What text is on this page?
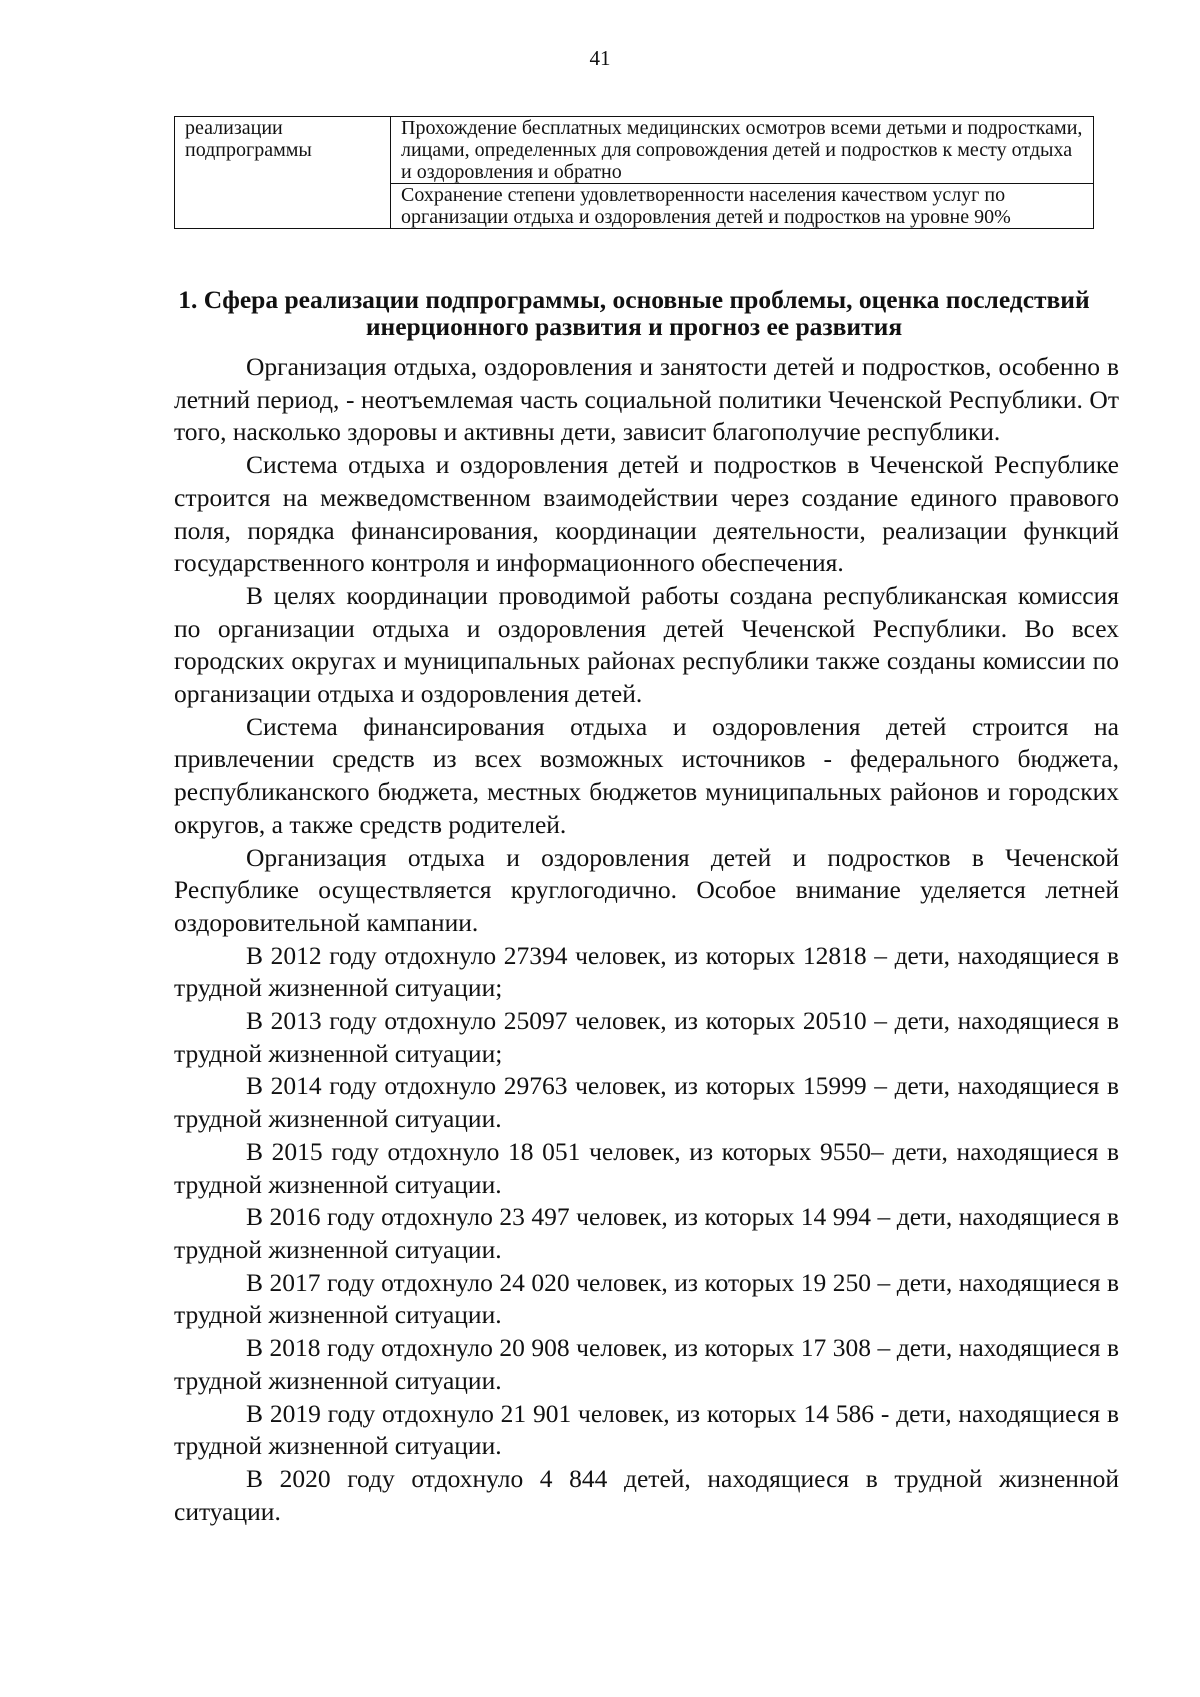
41
реализации подпрограммы	Прохождение бесплатных медицинских осмотров всеми детьми и подростками, лицами, определенных для сопровождения детей и подростков к месту отдыха и оздоровления и обратно
Сохранение степени удовлетворенности населения качеством услуг по организации отдыха и оздоровления детей и подростков на уровне 90%
1. Сфера реализации подпрограммы, основные проблемы, оценка последствий инерционного развития и прогноз ее развития

Организация отдыха, оздоровления и занятости детей и подростков, особенно в летний период, - неотъемлемая часть социальной политики Чеченской Республики. От того, насколько здоровы и активны дети, зависит благополучие республики.

Система отдыха и оздоровления детей и подростков в Чеченской Республике строится на межведомственном взаимодействии через создание единого правового поля, порядка финансирования, координации деятельности, реализации функций государственного контроля и информационного обеспечения.

В целях координации проводимой работы создана республиканская комиссия по организации отдыха и оздоровления детей Чеченской Республики. Во всех городских округах и муниципальных районах республики также созданы комиссии по организации отдыха и оздоровления детей.

Система финансирования отдыха и оздоровления детей строится на привлечении средств из всех возможных источников - федерального бюджета, республиканского бюджета, местных бюджетов муниципальных районов и городских округов, а также средств родителей.

Организация отдыха и оздоровления детей и подростков в Чеченской Республике осуществляется круглогодично. Особое внимание уделяется летней оздоровительной кампании.

В 2012 году отдохнуло 27394 человек, из которых 12818 – дети, находящиеся в трудной жизненной ситуации;

В 2013 году отдохнуло 25097 человек, из которых 20510 – дети, находящиеся в трудной жизненной ситуации;

В 2014 году отдохнуло 29763 человек, из которых 15999 – дети, находящиеся в трудной жизненной ситуации.

В 2015 году отдохнуло 18 051 человек, из которых 9550– дети, находящиеся в трудной жизненной ситуации.

В 2016 году отдохнуло 23 497 человек, из которых 14 994 – дети, находящиеся в трудной жизненной ситуации.

В 2017 году отдохнуло 24 020 человек, из которых 19 250 – дети, находящиеся в трудной жизненной ситуации.

В 2018 году отдохнуло 20 908 человек, из которых 17 308 – дети, находящиеся в трудной жизненной ситуации.

В 2019 году отдохнуло 21 901 человек, из которых 14 586 - дети, находящиеся в трудной жизненной ситуации.

В 2020 году отдохнуло 4 844 детей, находящиеся в трудной жизненной ситуации.
